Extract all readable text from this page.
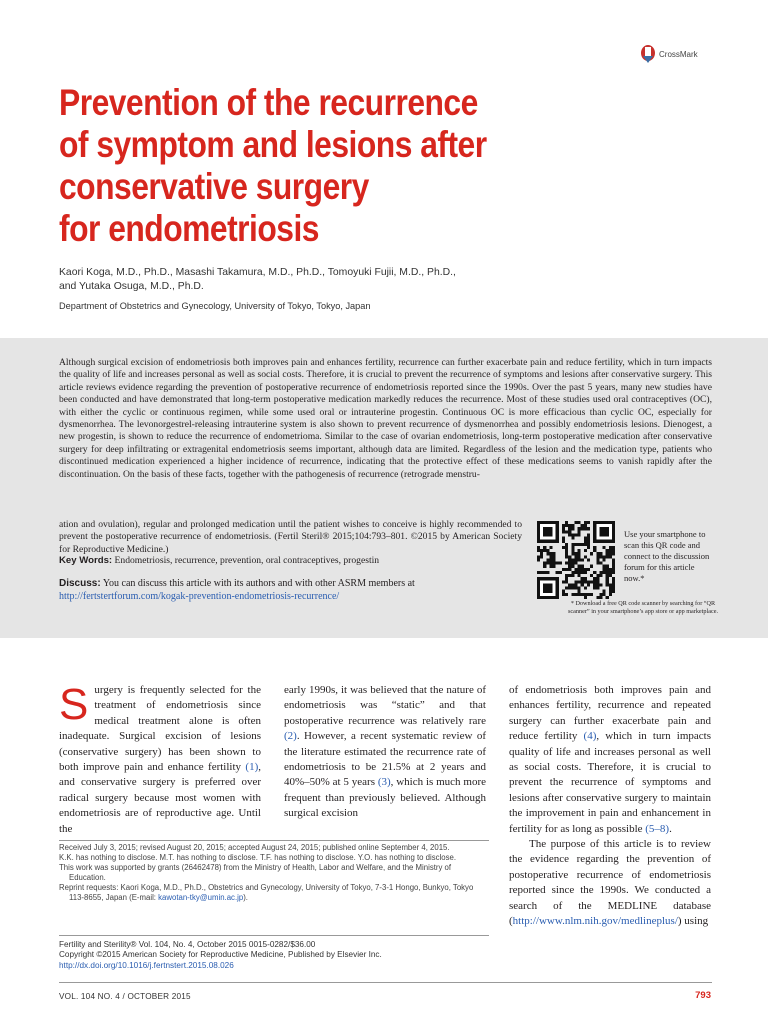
CrossMark
Prevention of the recurrence
of symptom and lesions after
conservative surgery
for endometriosis
Kaori Koga, M.D., Ph.D., Masashi Takamura, M.D., Ph.D., Tomoyuki Fujii, M.D., Ph.D.,
and Yutaka Osuga, M.D., Ph.D.
Department of Obstetrics and Gynecology, University of Tokyo, Tokyo, Japan

Although surgical excision of endometriosis both improves pain and enhances fertility, recurrence can further exacerbate pain and reduce fertility, which in turn impacts the quality of life and increases personal as well as social costs. Therefore, it is crucial to prevent the recurrence of symptoms and lesions after conservative surgery. This article reviews evidence regarding the prevention of postoperative recurrence of endometriosis reported since the 1990s. Over the past 5 years, many new studies have been conducted and have demonstrated that long-term postoperative medication markedly reduces the recurrence. Most of these studies used oral contraceptives (OC), with either the cyclic or continuous regimen, while some used oral or intrauterine progestin. Continuous OC is more efficacious than cyclic OC, especially for dysmenorrhea. The levonorgestrel-releasing intrauterine system is also shown to prevent recurrence of dysmenorrhea and possibly endometriosis lesions. Dienogest, a new progestin, is shown to reduce the recurrence of endometrioma. Similar to the case of ovarian endometriosis, long-term postoperative medication after conservative surgery for deep infiltrating or extragenital endometriosis seems important, although data are limited. Regardless of the lesion and the medication type, patients who discontinued medication experienced a higher incidence of recurrence, indicating that the protective effect of these medications seems to vanish rapidly after the discontinuation. On the basis of these facts, together with the pathogenesis of recurrence (retrograde menstru-

ation and ovulation), regular and prolonged medication until the patient wishes to conceive is highly recommended to prevent the postoperative recurrence of endometriosis. (Fertil Steril® 2015;104:793–801. ©2015 by American Society for Reproductive Medicine.)

Key Words: Endometriosis, recurrence, prevention, oral contraceptives, progestin
Discuss: You can discuss this article with its authors and with other ASRM members at http://fertstertforum.com/kogak-prevention-endometriosis-recurrence/
Use your smartphone to scan this QR code and connect to the discussion forum for this article now.*
* Download a free QR code scanner by searching for “QR scanner” in your smartphone’s app store or app marketplace.
Surgery is frequently selected for the treatment of endometriosis since medical treatment alone is often inadequate. Surgical excision of lesions (conservative surgery) has been shown to both improve pain and enhance fertility (1), and conservative surgery is preferred over radical surgery because most women with endometriosis are of reproductive age. Until the
early 1990s, it was believed that the nature of endometriosis was “static” and that postoperative recurrence was relatively rare (2). However, a recent systematic review of the literature estimated the recurrence rate of endometriosis to be 21.5% at 2 years and 40%–50% at 5 years (3), which is much more frequent than previously believed. Although surgical excision

of endometriosis both improves pain and enhances fertility, recurrence and repeated surgery can further exacerbate pain and reduce fertility (4), which in turn impacts quality of life and increases personal as well as social costs. Therefore, it is crucial to prevent the recurrence of symptoms and lesions after conservative surgery to maintain the improvement in pain and enhancement in fertility for as long as possible (5–8).

The purpose of this article is to review the evidence regarding the prevention of postoperative recurrence of endometriosis reported since the 1990s. We conducted a search of the MEDLINE database (http://www.nlm.nih.gov/medlineplus/) using

Received July 3, 2015; revised August 20, 2015; accepted August 24, 2015; published online September 4, 2015.

K.K. has nothing to disclose. M.T. has nothing to disclose. T.F. has nothing to disclose. Y.O. has nothing to disclose.

This work was supported by grants (26462478) from the Ministry of Health, Labor and Welfare, and the Ministry of Education.

Reprint requests: Kaori Koga, M.D., Ph.D., Obstetrics and Gynecology, University of Tokyo, 7-3-1 Hongo, Bunkyo, Tokyo 113-8655, Japan (E-mail: kawotan-tky@umin.ac.jp).

Fertility and Sterility® Vol. 104, No. 4, October 2015 0015-0282/$36.00
Copyright ©2015 American Society for Reproductive Medicine, Published by Elsevier Inc.
http://dx.doi.org/10.1016/j.fertnstert.2015.08.026
VOL. 104 NO. 4 / OCTOBER 2015	793
